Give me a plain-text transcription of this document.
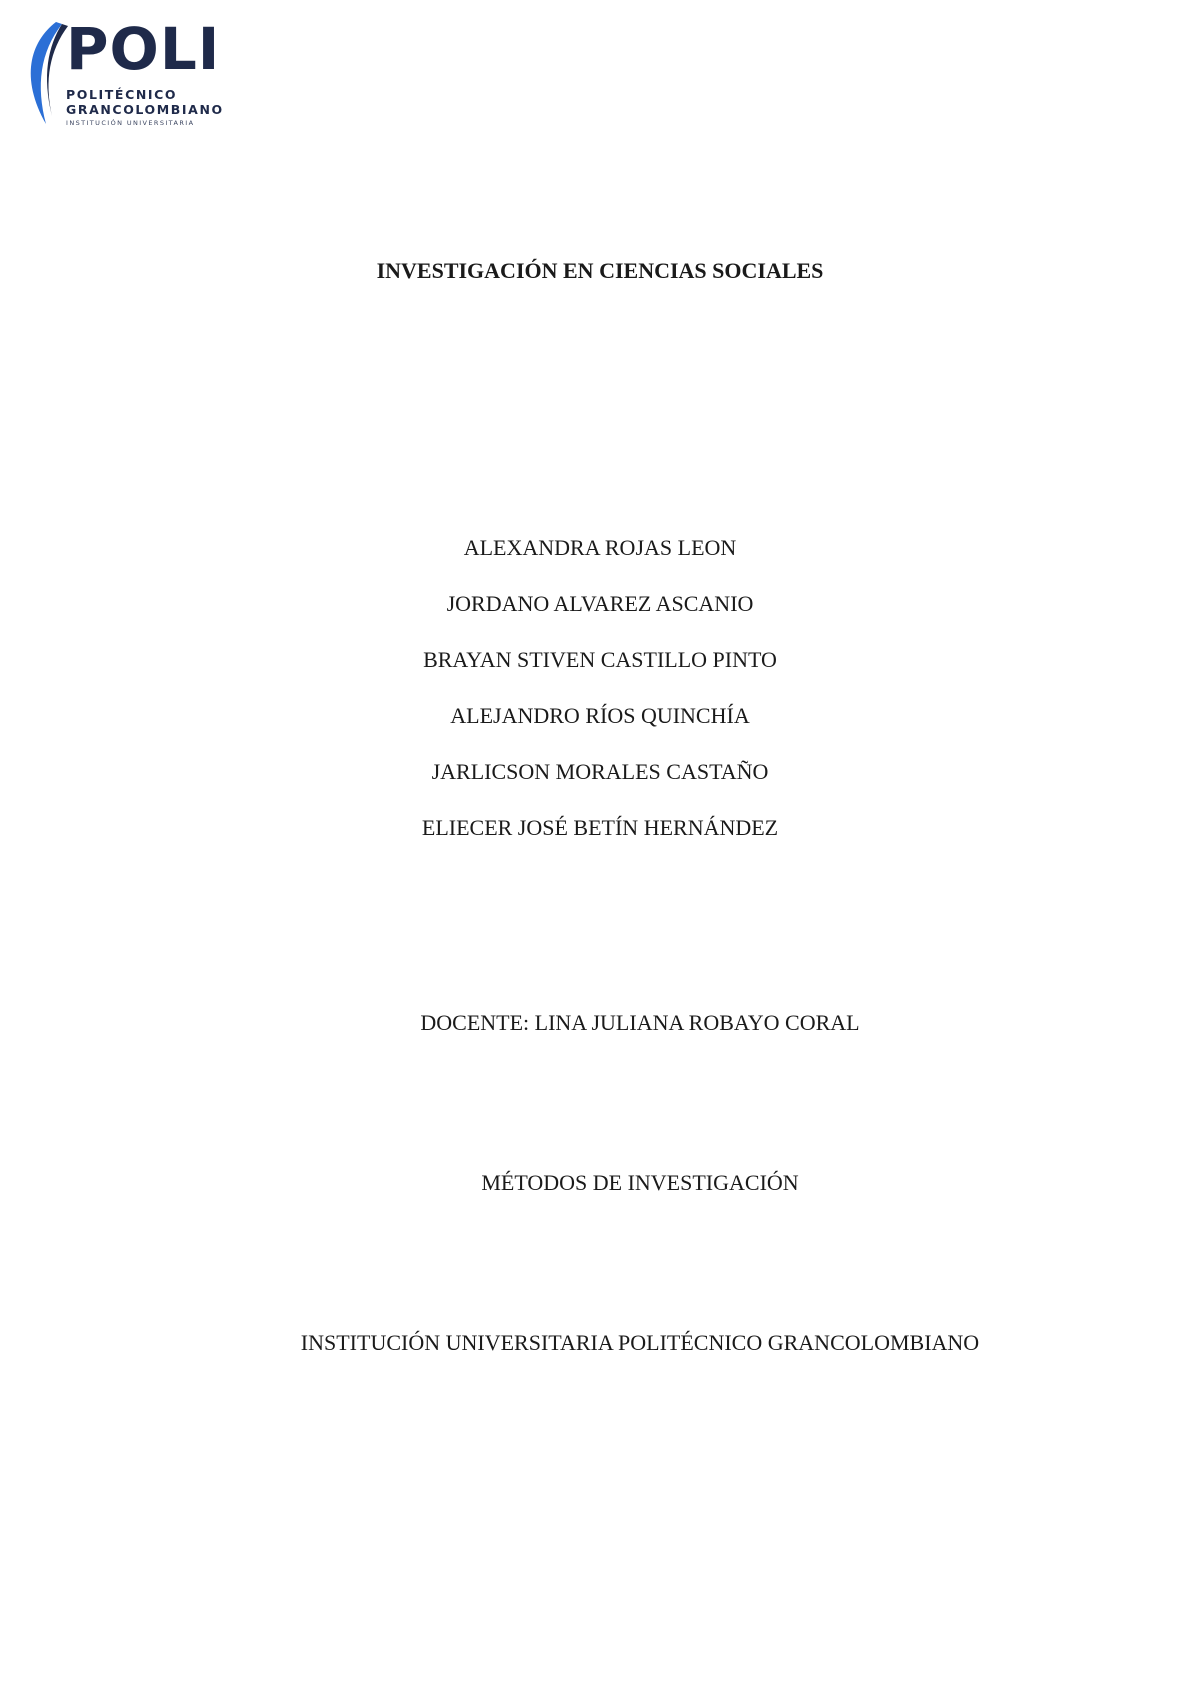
POLI
POLITÉCNICO
GRANCOLOMBIANO
INSTITUCIÓN UNIVERSITARIA
INVESTIGACIÓN EN CIENCIAS SOCIALES
ALEXANDRA ROJAS LEON
JORDANO ALVAREZ ASCANIO
BRAYAN STIVEN CASTILLO PINTO
ALEJANDRO RÍOS QUINCHÍA
JARLICSON MORALES CASTAÑO
ELIECER JOSÉ BETÍN HERNÁNDEZ
DOCENTE: LINA JULIANA ROBAYO CORAL
MÉTODOS DE INVESTIGACIÓN
INSTITUCIÓN UNIVERSITARIA POLITÉCNICO GRANCOLOMBIANO
